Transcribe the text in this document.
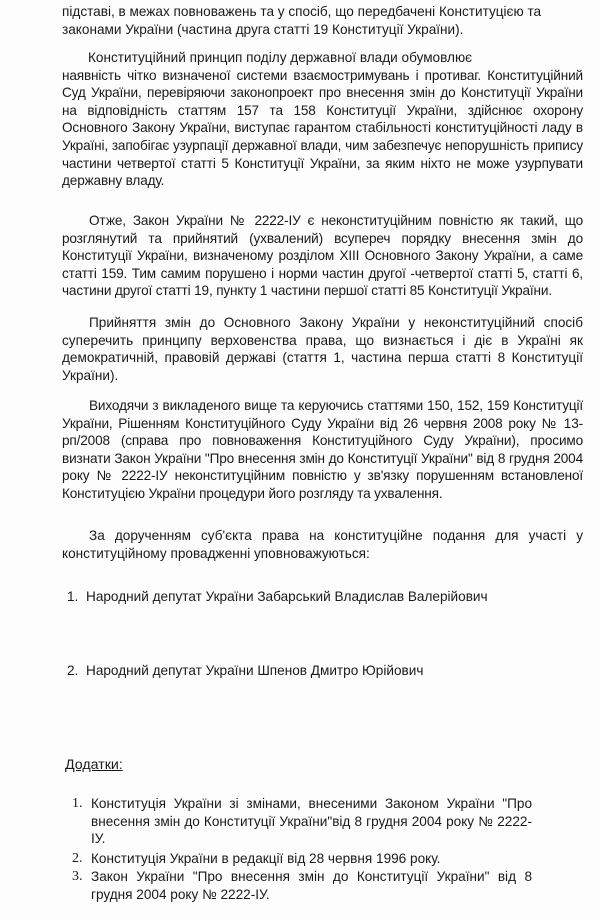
підставі, в межах повноважень та у спосіб, що передбачені Конституцією та

законами України (частина друга статті 19 Конституції України).

Конституційний принцип поділу державної влади обумовлює

наявність чітко визначеної системи взаємостримувань і противаг. Конституційний Суд України, перевіряючи законопроект про внесення змін до Конституції України на відповідність статтям 157 та 158 Конституції України, здійснює охорону Основного Закону України, виступає гарантом стабільності конституційності ладу в Україні, запобігає узурпації державної влади, чим забезпечує непорушність припису частини четвертої статті 5 Конституції України, за яким ніхто не може узурпувати державну владу.

Отже, Закон України № 2222-ІУ є неконституційним повністю як такий, що розглянутий та прийнятий (ухвалений) всупереч порядку внесення змін до Конституції України, визначеному розділом XIII Основного Закону України, а саме статті 159. Тим самим порушено і норми частин другої -четвертої статті 5, статті 6, частини другої статті 19, пункту 1 частини першої статті 85 Конституції України.

Прийняття змін до Основного Закону України у неконституційний спосіб суперечить принципу верховенства права, що визнається і діє в Україні як демократичній, правовій державі (стаття 1, частина перша статті 8 Конституції України).

Виходячи з викладеного вище та керуючись статтями 150, 152, 159 Конституції України, Рішенням Конституційного Суду України від 26 червня 2008 року № 13-рп/2008 (справа про повноваження Конституційного Суду України), просимо визнати Закон України "Про внесення змін до Конституції України" від 8 грудня 2004 року № 2222-ІУ неконституційним повністю у зв'язку порушенням встановленої Конституцією України процедури його розгляду та ухвалення.

За дорученням суб'єкта права на конституційне подання для участі у конституційному провадженні уповноважуються:

1. Народний депутат України Забарський Владислав Валерійович
2. Народний депутат України Шпенов Дмитро Юрійович

Додатки:

1. Конституція України зі змінами, внесеними Законом України "Про внесення змін до Конституції України"від 8 грудня 2004 року № 2222-ІУ.
2. Конституція України в редакції від 28 червня 1996 року.
3. Закон України "Про внесення змін до Конституції України" від 8 грудня 2004 року № 2222-ІУ.
